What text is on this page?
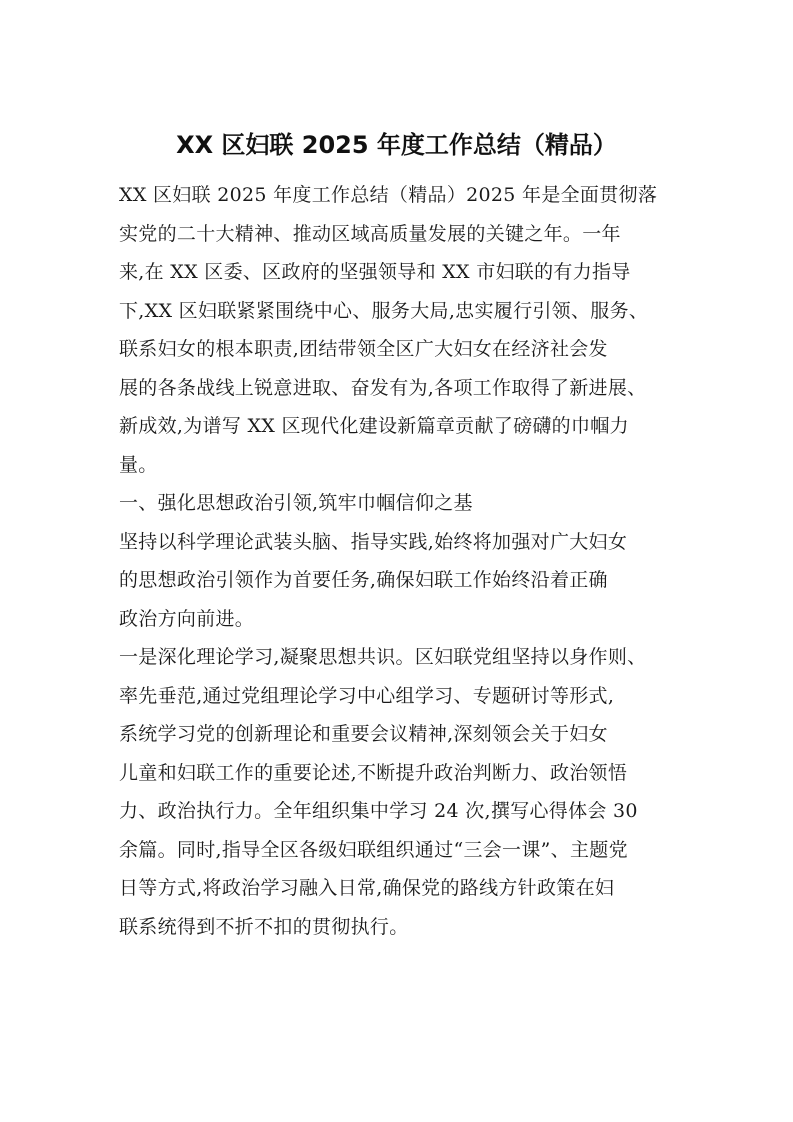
XX 区妇联 2025 年度工作总结（精品）
XX 区妇联 2025 年度工作总结（精品）2025 年是全面贯彻落
实党的二十大精神、推动区域高质量发展的关键之年。一年
来,在 XX 区委、区政府的坚强领导和 XX 市妇联的有力指导
下,XX 区妇联紧紧围绕中心、服务大局,忠实履行引领、服务、
联系妇女的根本职责,团结带领全区广大妇女在经济社会发
展的各条战线上锐意进取、奋发有为,各项工作取得了新进展、
新成效,为谱写 XX 区现代化建设新篇章贡献了磅礴的巾帼力
量。
一、强化思想政治引领,筑牢巾帼信仰之基
坚持以科学理论武装头脑、指导实践,始终将加强对广大妇女
的思想政治引领作为首要任务,确保妇联工作始终沿着正确
政治方向前进。
一是深化理论学习,凝聚思想共识。区妇联党组坚持以身作则、
率先垂范,通过党组理论学习中心组学习、专题研讨等形式,
系统学习党的创新理论和重要会议精神,深刻领会关于妇女
儿童和妇联工作的重要论述,不断提升政治判断力、政治领悟
力、政治执行力。全年组织集中学习 24 次,撰写心得体会 30
余篇。同时,指导全区各级妇联组织通过“三会一课”、主题党
日等方式,将政治学习融入日常,确保党的路线方针政策在妇
联系统得到不折不扣的贯彻执行。
